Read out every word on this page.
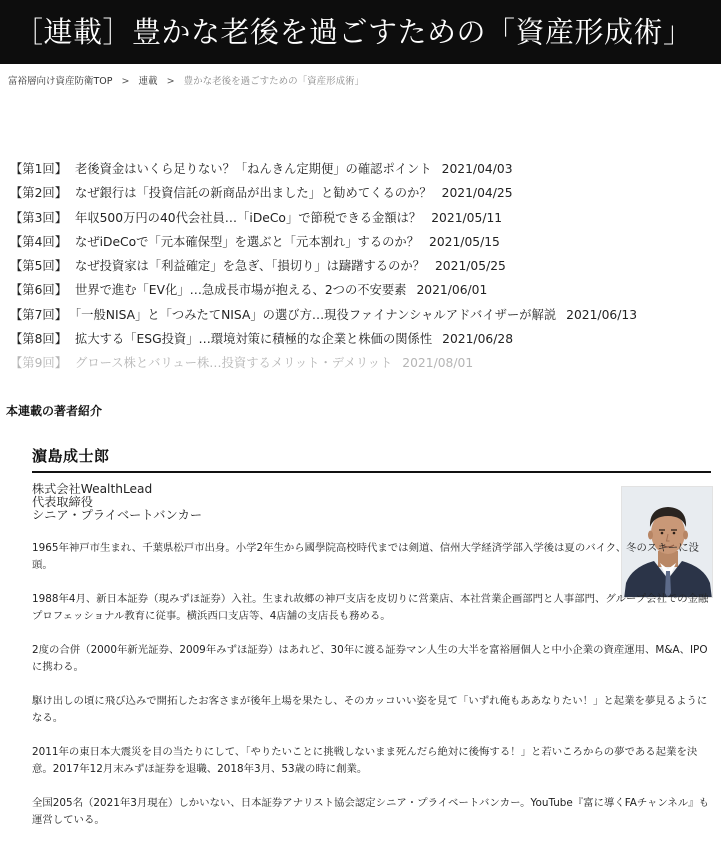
［連載］豊かな老後を過ごすための「資産形成術」
富裕層向け資産防衛TOP > 連載 > 豊かな老後を過ごすための「資産形成術」
【第1回】 老後資金はいくら足りない？「ねんきん定期便」の確認ポイント 2021/04/03
【第2回】 なぜ銀行は「投資信託の新商品が出ました」と勧めてくるのか？ 2021/04/25
【第3回】 年収500万円の40代会社員…「iDeCo」で節税できる金額は？ 2021/05/11
【第4回】 なぜiDeCoで「元本確保型」を選ぶと「元本割れ」するのか？ 2021/05/15
【第5回】 なぜ投資家は「利益確定」を急ぎ、「損切り」は躊躇するのか？ 2021/05/25
【第6回】 世界で進む「EV化」…急成長市場が抱える、2つの不安要素 2021/06/01
【第7回】 「一般NISA」と「つみたてNISA」の選び方…現役ファイナンシャルアドバイザーが解説 2021/06/13
【第8回】 拡大する「ESG投資」…環境対策に積極的な企業と株価の関係性 2021/06/28
【第9回】 グロース株とバリュー株…投資するメリット・デメリット 2021/08/01
本連載の著者紹介
濵島成士郎
株式会社WealthLead
代表取締役
シニア・プライベートバンカー

1965年神戸市生まれ、千葉県松戸市出身。小学2年生から國學院高校時代までは剣道、信州大学経済学部入学後は夏のバイク、冬のスキーに没頭。

1988年4月、新日本証券（現みずほ証券）入社。生まれ故郷の神戸支店を皮切りに営業店、本社営業企画部門と人事部門、グループ会社での金融プロフェッショナル教育に従事。横浜西口支店等、4店舗の支店長も務める。

2度の合併（2000年新光証券、2009年みずほ証券）はあれど、30年に渡る証券マン人生の大半を富裕層個人と中小企業の資産運用、M&A、IPOに携わる。

駆け出しの頃に飛び込みで開拓したお客さまが後年上場を果たし、そのカッコいい姿を見て「いずれ俺もああなりたい！」と起業を夢見るようになる。

2011年の東日本大震災を目の当たりにして、「やりたいことに挑戦しないまま死んだら絶対に後悔する！」と若いころからの夢である起業を決意。2017年12月末みずほ証券を退職、2018年3月、53歳の時に創業。

全国205名（2021年3月現在）しかいない、日本証券アナリスト協会認定シニア・プライベートバンカー。YouTube『富に導くFAチャンネル』も運営している。
